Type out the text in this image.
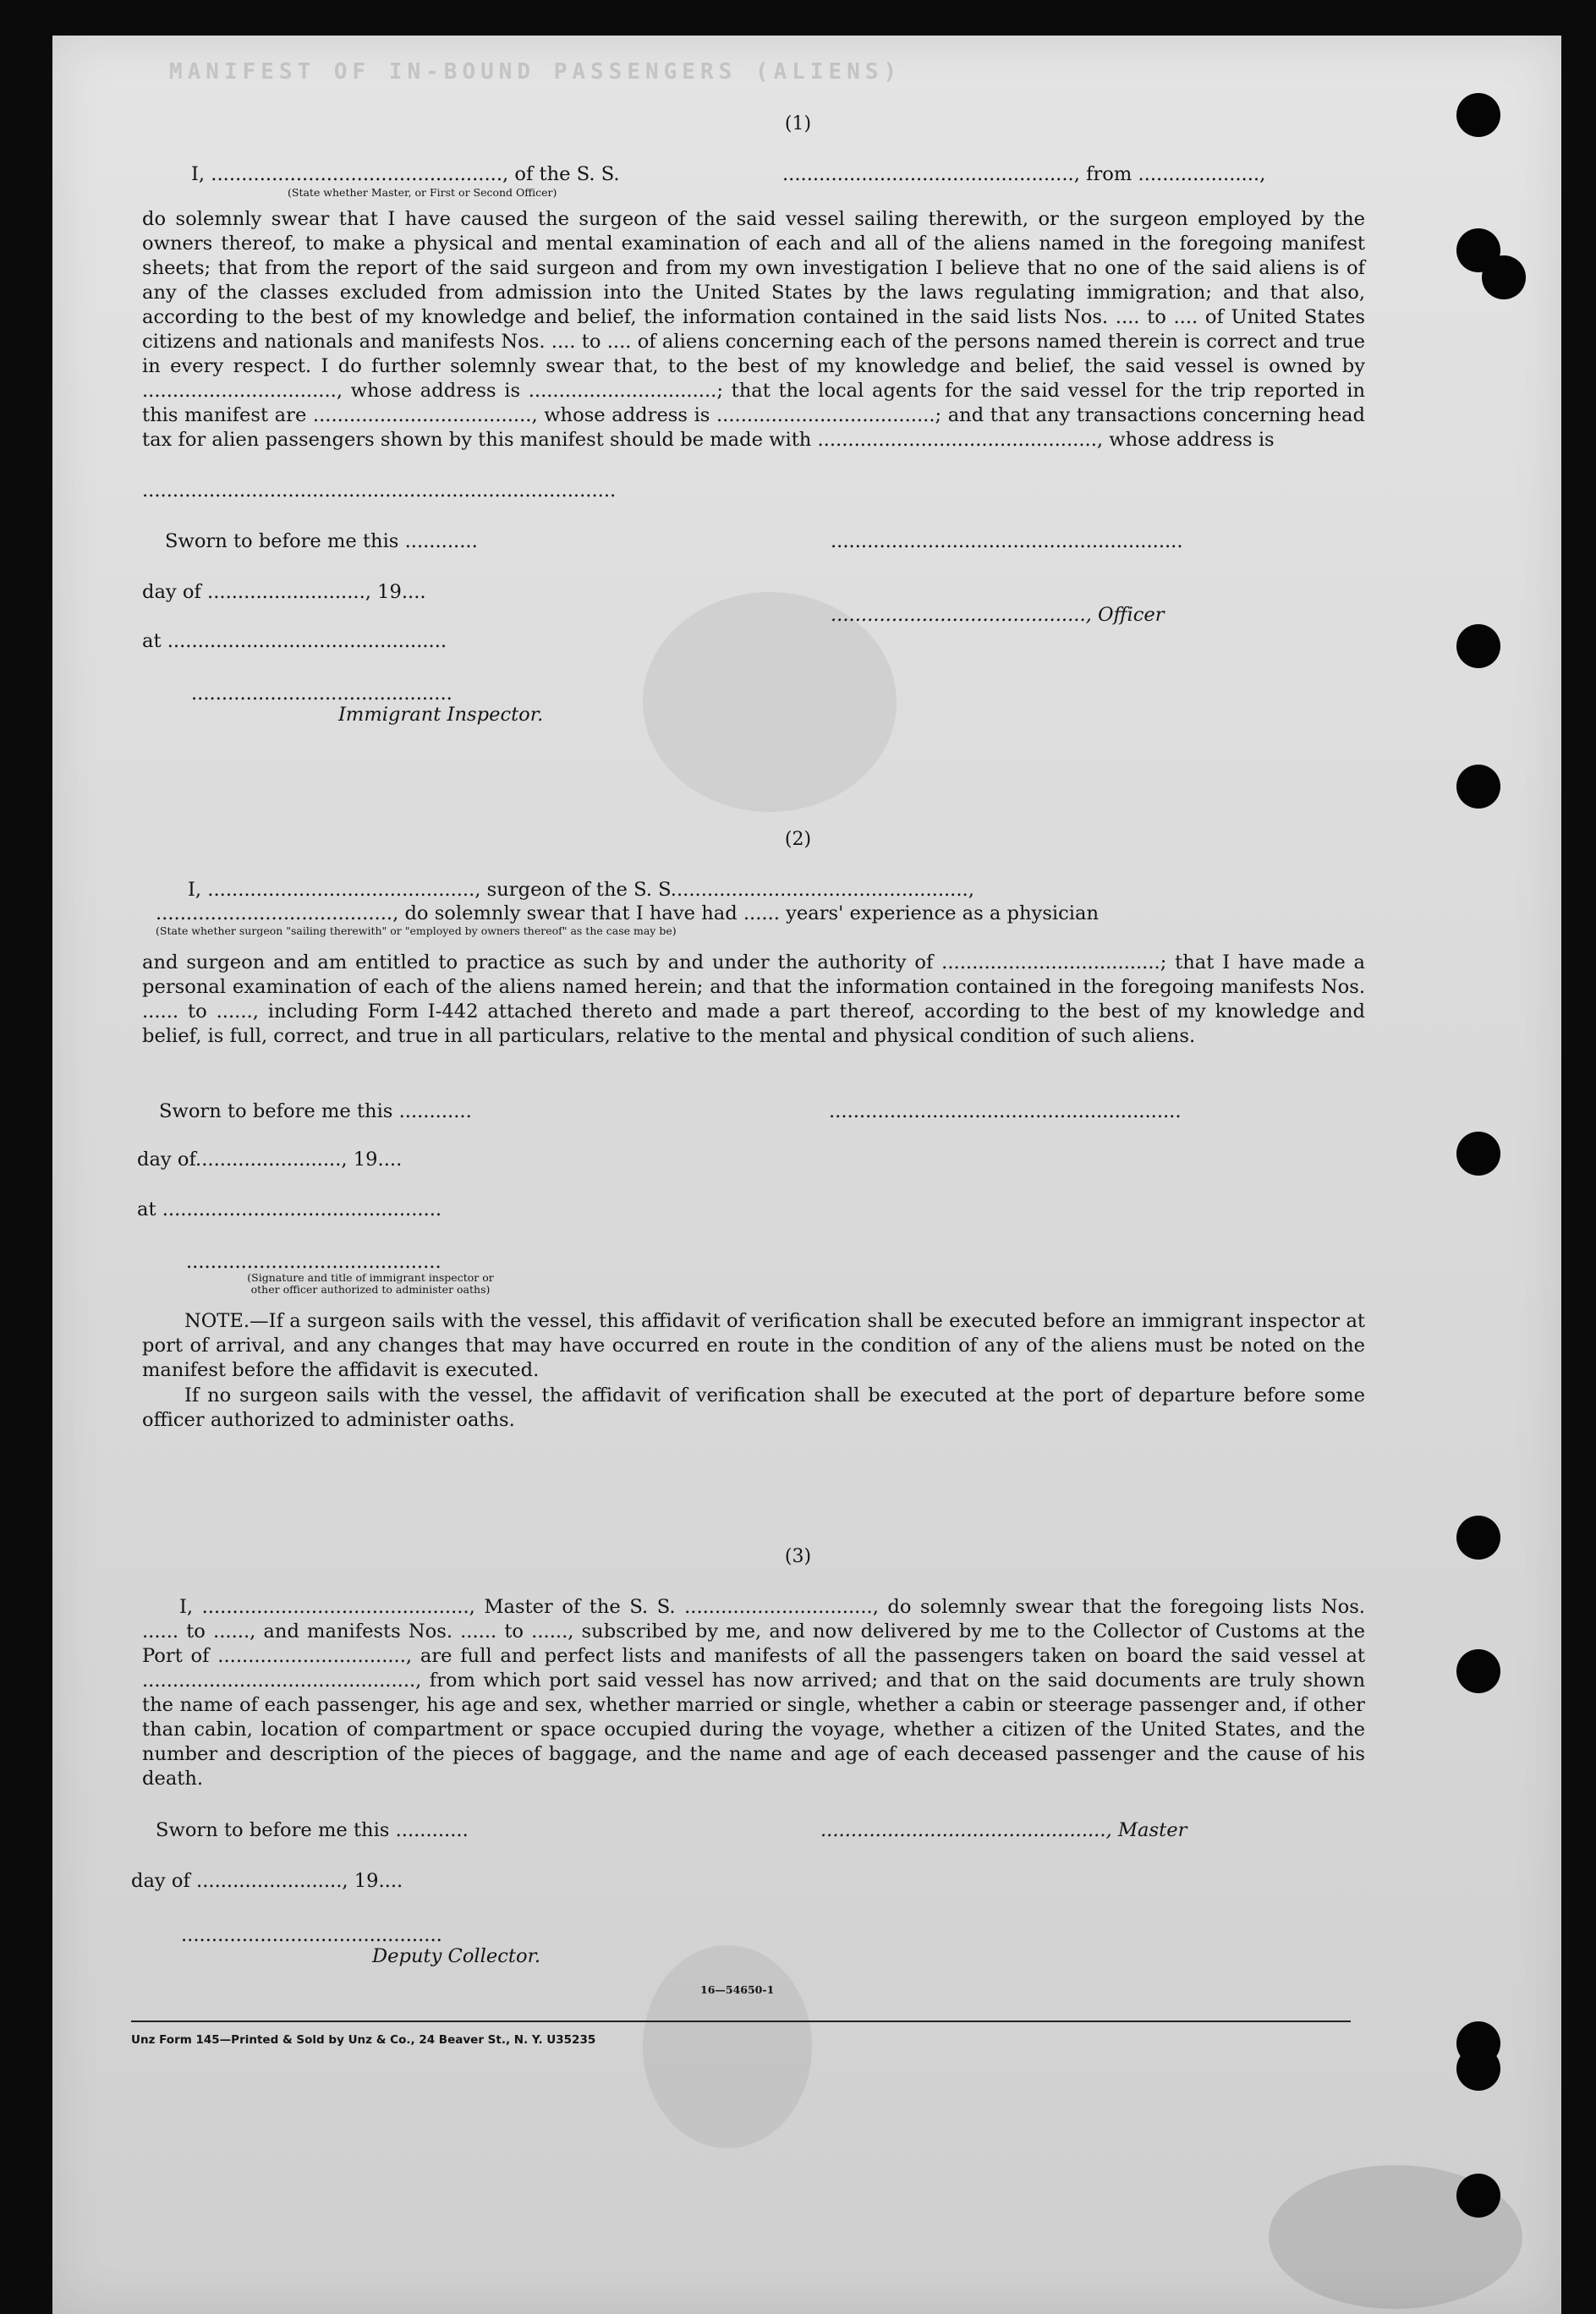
MANIFEST OF IN-BOUND PASSENGERS (ALIENS)
(1)
I, ................................................, of the S. S.	................................................, from ....................,
(State whether Master, or First or Second Officer)
do solemnly swear that I have caused the surgeon of the said vessel sailing therewith, or the surgeon employed by the owners thereof, to make a physical and mental examination of each and all of the aliens named in the foregoing manifest sheets; that from the report of the said surgeon and from my own investigation I believe that no one of the said aliens is of any of the classes excluded from admission into the United States by the laws regulating immigration; and that also, according to the best of my knowledge and belief, the information contained in the said lists Nos. .... to .... of United States citizens and nationals and manifests Nos. .... to .... of aliens concerning each of the persons named therein is correct and true in every respect. I do further solemnly swear that, to the best of my knowledge and belief, the said vessel is owned by ................................, whose address is ...............................; that the local agents for the said vessel for the trip reported in this manifest are ...................................., whose address is ....................................; and that any transactions concerning head tax for alien passengers shown by this manifest should be made with .............................................., whose address is
..............................................................................
Sworn to before me this ............	..........................................................
day of .........................., 19....
.........................................., Officer
at ..............................................
...........................................
Immigrant Inspector.
(2)
I, ............................................, surgeon of the S. S.................................................,
......................................., do solemnly swear that I have had ...... years' experience as a physician
(State whether surgeon "sailing therewith" or "employed by owners thereof" as the case may be)
and surgeon and am entitled to practice as such by and under the authority of ....................................; that I have made a personal examination of each of the aliens named herein; and that the information contained in the foregoing manifests Nos. ...... to ......, including Form I-442 attached thereto and made a part thereof, according to the best of my knowledge and belief, is full, correct, and true in all particulars, relative to the mental and physical condition of such aliens.
Sworn to before me this ............	..........................................................
day of........................, 19....
at ..............................................
..........................................
(Signature and title of immigrant inspector or
other officer authorized to administer oaths)
NOTE.—If a surgeon sails with the vessel, this affidavit of verification shall be executed before an immigrant inspector at port of arrival, and any changes that may have occurred en route in the condition of any of the aliens must be noted on the manifest before the affidavit is executed.
If no surgeon sails with the vessel, the affidavit of verification shall be executed at the port of departure before some officer authorized to administer oaths.
(3)
I, ............................................, Master of the S. S. ..............................., do solemnly swear that the foregoing lists Nos. ...... to ......, and manifests Nos. ...... to ......, subscribed by me, and now delivered by me to the Collector of Customs at the Port of ..............................., are full and perfect lists and manifests of all the passengers taken on board the said vessel at ............................................., from which port said vessel has now arrived; and that on the said documents are truly shown the name of each passenger, his age and sex, whether married or single, whether a cabin or steerage passenger and, if other than cabin, location of compartment or space occupied during the voyage, whether a citizen of the United States, and the number and description of the pieces of baggage, and the name and age of each deceased passenger and the cause of his death.
Sworn to before me this ............	..............................................., Master
day of ........................, 19....
...........................................
Deputy Collector.
16—54650-1
Unz Form 145—Printed & Sold by Unz & Co., 24 Beaver St., N. Y. U35235
